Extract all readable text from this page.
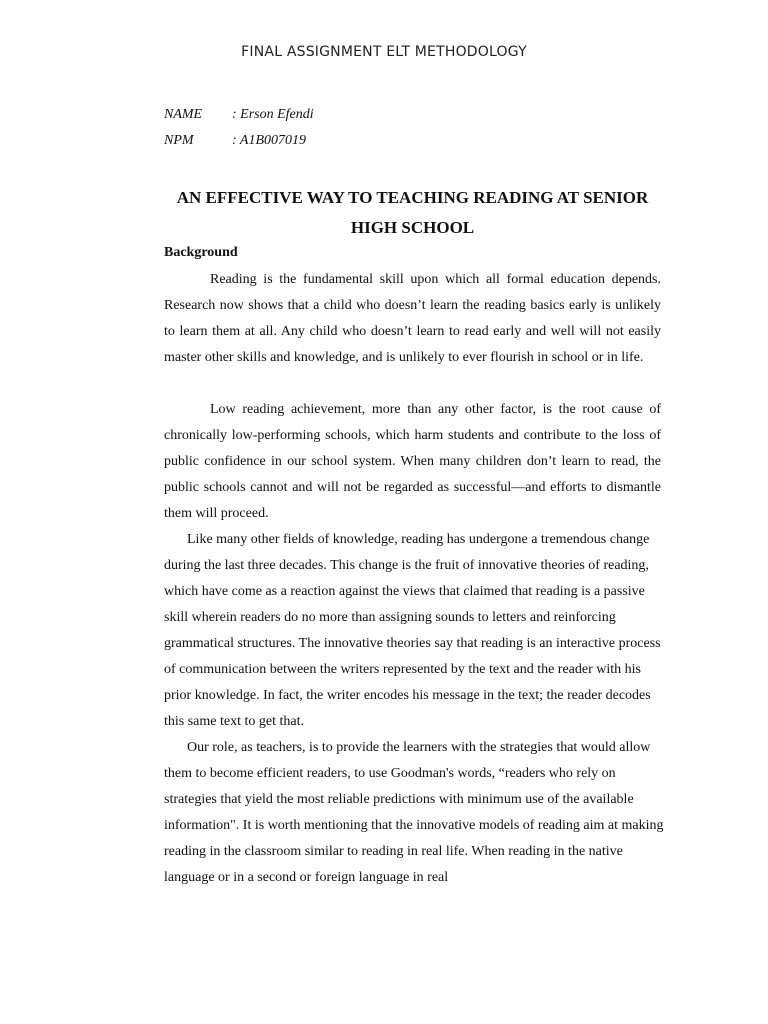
FINAL ASSIGNMENT ELT METHODOLOGY
NAME : Erson Efendi
NPM	: A1B007019
AN EFFECTIVE WAY TO TEACHING READING AT SENIOR HIGH SCHOOL
Background

Reading is the fundamental skill upon which all formal education depends. Research now shows that a child who doesn’t learn the reading basics early is unlikely to learn them at all. Any child who doesn’t learn to read early and well will not easily master other skills and knowledge, and is unlikely to ever flourish in school or in life.

Low reading achievement, more than any other factor, is the root cause of chronically low-performing schools, which harm students and contribute to the loss of public confidence in our school system. When many children don’t learn to read, the public schools cannot and will not be regarded as successful—and efforts to dismantle them will proceed.

Like many other fields of knowledge, reading has undergone a tremendous change during the last three decades. This change is the fruit of innovative theories of reading, which have come as a reaction against the views that claimed that reading is a passive skill wherein readers do no more than assigning sounds to letters and reinforcing grammatical structures. The innovative theories say that reading is an interactive process of communication between the writers represented by the text and the reader with his prior knowledge. In fact, the writer encodes his message in the text; the reader decodes this same text to get that.

Our role, as teachers, is to provide the learners with the strategies that would allow them to become efficient readers, to use Goodman's words, “readers who rely on strategies that yield the most reliable predictions with minimum use of the available information". It is worth mentioning that the innovative models of reading aim at making reading in the classroom similar to reading in real life. When reading in the native language or in a second or foreign language in real
